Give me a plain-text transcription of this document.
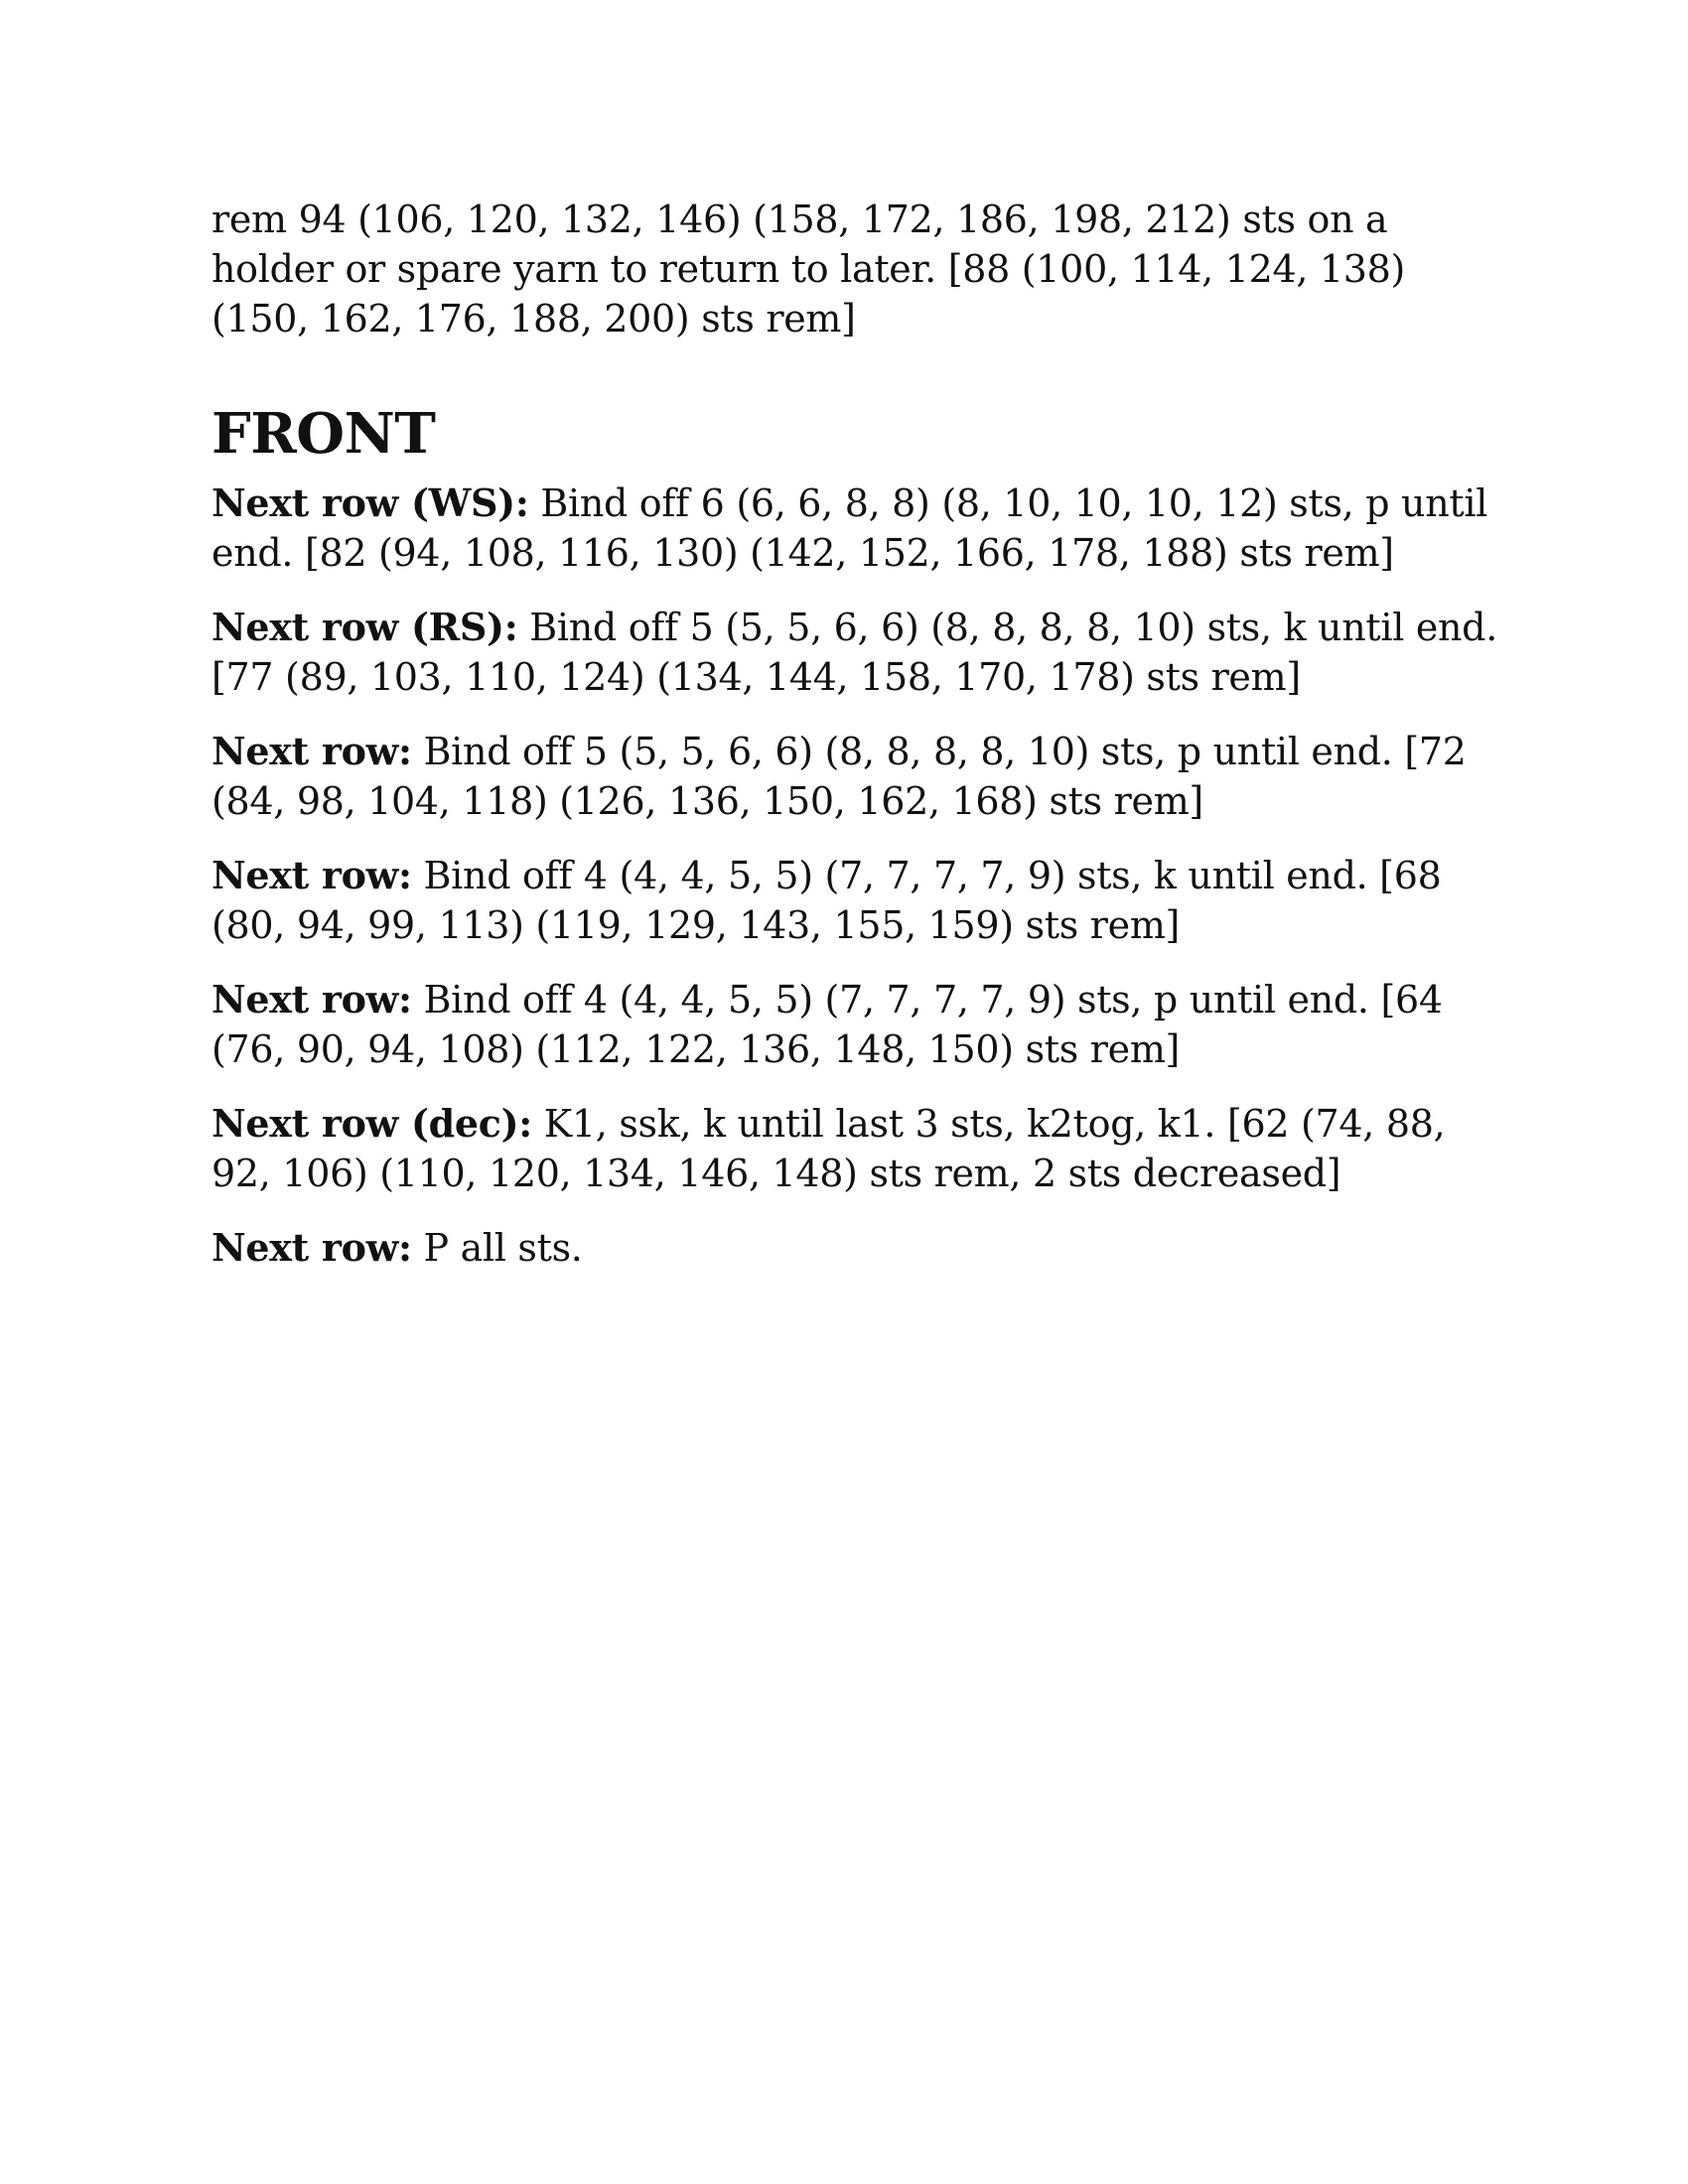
rem 94 (106, 120, 132, 146) (158, 172, 186, 198, 212) sts on a holder or spare yarn to return to later. [88 (100, 114, 124, 138) (150, 162, 176, 188, 200) sts rem]

FRONT

Next row (WS): Bind off 6 (6, 6, 8, 8) (8, 10, 10, 10, 12) sts, p until end. [82 (94, 108, 116, 130) (142, 152, 166, 178, 188) sts rem]

Next row (RS): Bind off 5 (5, 5, 6, 6) (8, 8, 8, 8, 10) sts, k until end. [77 (89, 103, 110, 124) (134, 144, 158, 170, 178) sts rem]

Next row: Bind off 5 (5, 5, 6, 6) (8, 8, 8, 8, 10) sts, p until end. [72 (84, 98, 104, 118) (126, 136, 150, 162, 168) sts rem]

Next row: Bind off 4 (4, 4, 5, 5) (7, 7, 7, 7, 9) sts, k until end. [68 (80, 94, 99, 113) (119, 129, 143, 155, 159) sts rem]

Next row: Bind off 4 (4, 4, 5, 5) (7, 7, 7, 7, 9) sts, p until end. [64 (76, 90, 94, 108) (112, 122, 136, 148, 150) sts rem]

Next row (dec): K1, ssk, k until last 3 sts, k2tog, k1. [62 (74, 88, 92, 106) (110, 120, 134, 146, 148) sts rem, 2 sts decreased]

Next row: P all sts.
